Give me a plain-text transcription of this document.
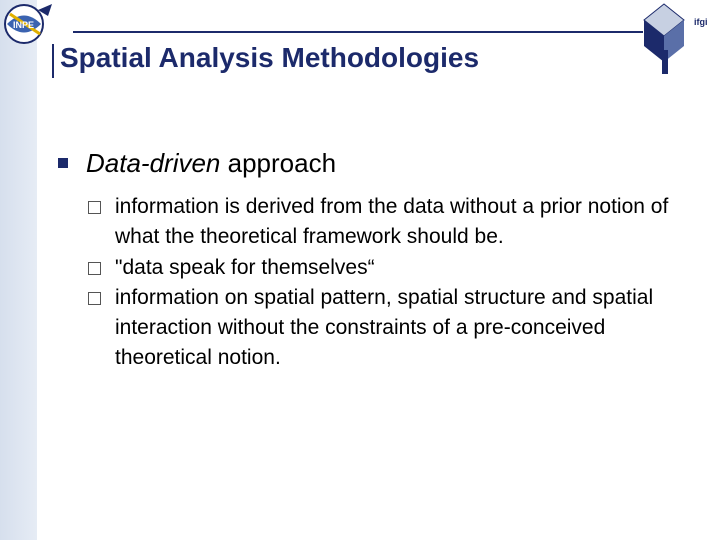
INPE	ifgi
Spatial Analysis Methodologies
Data-driven approach
information is derived from the data without a prior notion of what the theoretical framework should be.
"data speak for themselves“
information on spatial pattern, spatial structure and spatial interaction without the constraints of a pre-conceived theoretical notion.
